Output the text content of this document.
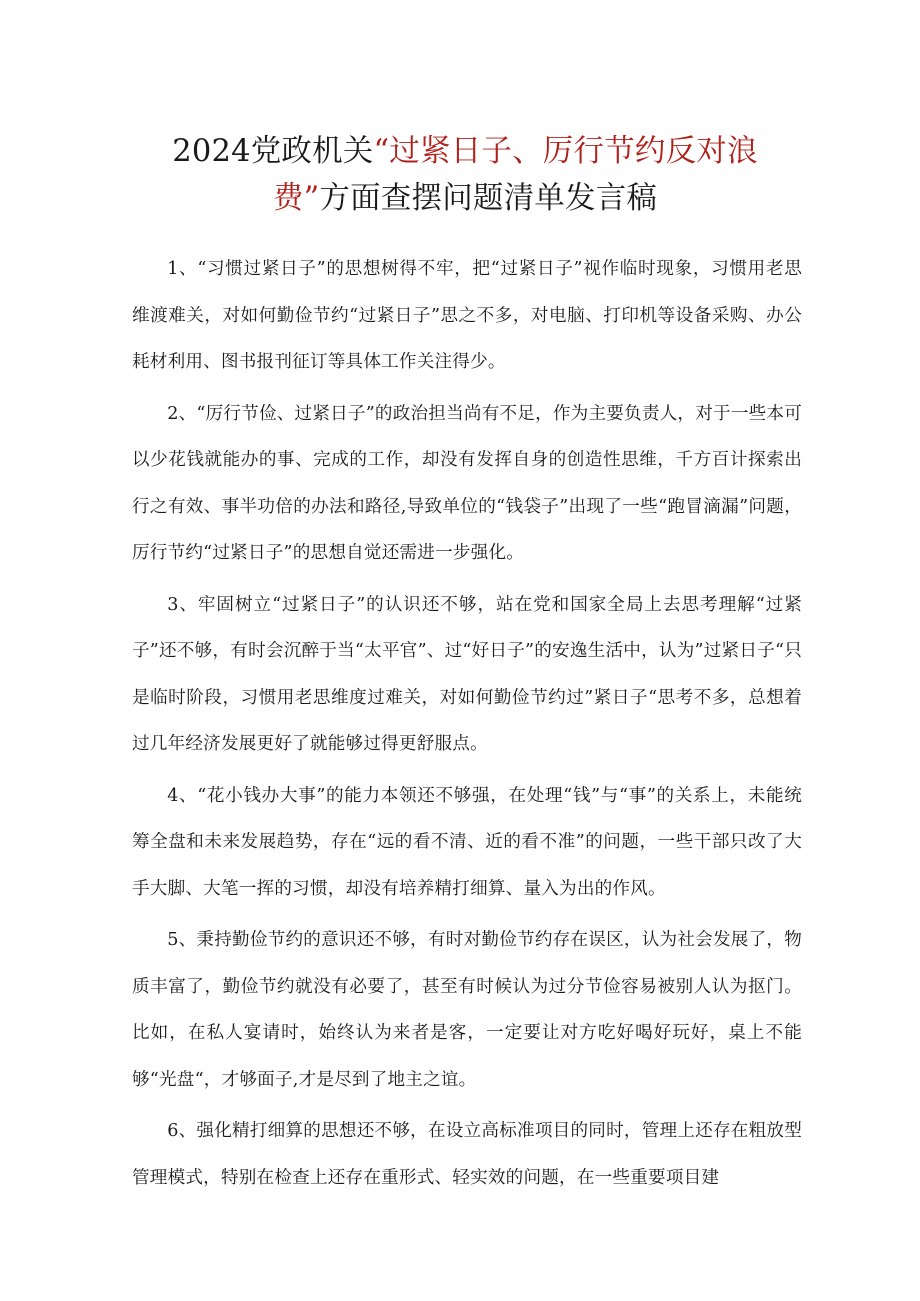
2024党政机关“过紧日子、厉行节约反对浪
费”方面查摆问题清单发言稿

1、“习惯过紧日子”的思想树得不牢，把“过紧日子”视作临时现象，习惯用老思维渡难关，对如何勤俭节约“过紧日子”思之不多，对电脑、打印机等设备采购、办公耗材利用、图书报刊征订等具体工作关注得少。

2、“厉行节俭、过紧日子”的政治担当尚有不足，作为主要负责人，对于一些本可以少花钱就能办的事、完成的工作，却没有发挥自身的创造性思维，千方百计探索出行之有效、事半功倍的办法和路径,导致单位的“钱袋子”出现了一些“跑冒滴漏”问题，厉行节约“过紧日子”的思想自觉还需进一步强化。

3、牢固树立“过紧日子”的认识还不够，站在党和国家全局上去思考理解“过紧子”还不够，有时会沉醉于当“太平官”、过“好日子”的安逸生活中，认为”过紧日子“只是临时阶段，习惯用老思维度过难关，对如何勤俭节约过”紧日子“思考不多，总想着过几年经济发展更好了就能够过得更舒服点。

4、“花小钱办大事”的能力本领还不够强，在处理“钱”与“事”的关系上，未能统筹全盘和未来发展趋势，存在“远的看不清、近的看不准”的问题，一些干部只改了大手大脚、大笔一挥的习惯，却没有培养精打细算、量入为出的作风。

5、秉持勤俭节约的意识还不够，有时对勤俭节约存在误区，认为社会发展了，物质丰富了，勤俭节约就没有必要了，甚至有时候认为过分节俭容易被别人认为抠门。比如，在私人宴请时，始终认为来者是客，一定要让对方吃好喝好玩好，桌上不能够“光盘“，才够面子,才是尽到了地主之谊。

6、强化精打细算的思想还不够，在设立高标准项目的同时，管理上还存在粗放型管理模式，特别在检查上还存在重形式、轻实效的问题，在一些重要项目建
